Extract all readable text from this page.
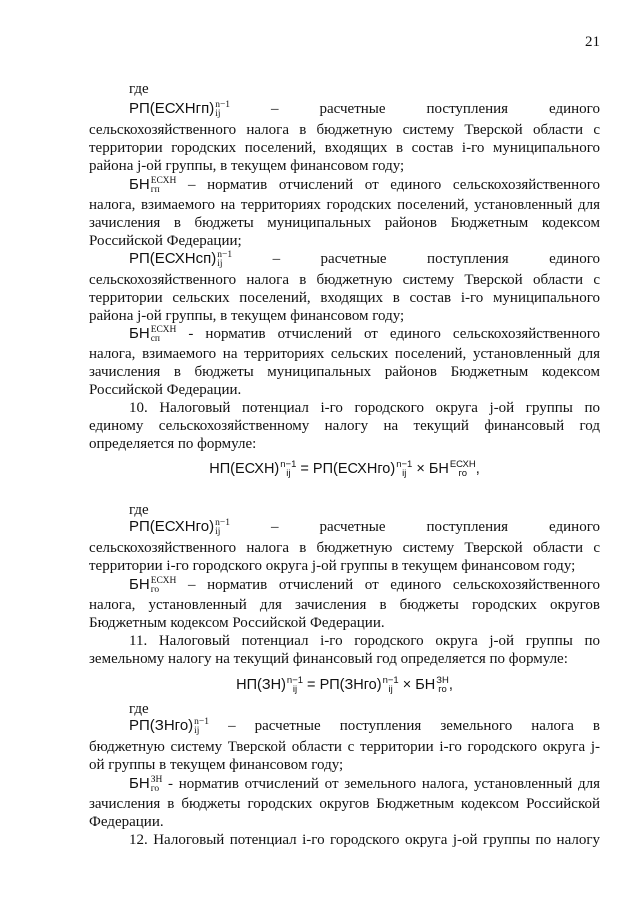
21
где
РП(ЕСХНгп) n−1
ij	–	расчетные	поступления	единого
сельскохозяйственного налога в бюджетную систему Тверской области с
территории городских поселений, входящих в состав i-го муниципального
района j-ой группы, в текущем финансовом году;
БН ЕСХН
гп	– норматив отчислений от единого сельскохозяйственного
налога, взимаемого на территориях городских поселений, установленный для
зачисления в бюджеты муниципальных районов Бюджетным кодексом
Российской Федерации;
РП(ЕСХНсп) n−1
ij	–	расчетные	поступления	единого
сельскохозяйственного налога в бюджетную систему Тверской области с
территории сельских поселений, входящих в состав i-го муниципального
района j-ой группы, в текущем финансовом году;
БН ЕСХН
сп	- норматив отчислений от единого сельскохозяйственного
налога, взимаемого на территориях сельских поселений, установленный для
зачисления в бюджеты муниципальных районов Бюджетным кодексом
Российской Федерации.
10. Налоговый потенциал i-го городского округа j-ой группы по
единому сельскохозяйственному налогу на текущий финансовый год
определяется по формуле:
НП(ЕСХН) n−1
ij = РП(ЕСХНго) n−1
ij × БН ЕСХН
го ,
где
РП(ЕСХНго) n−1
ij	–	расчетные	поступления	единого
сельскохозяйственного налога в бюджетную систему Тверской области с
территории i-го городского округа j-ой группы в текущем финансовом году;
БН ЕСХН
го	– норматив отчислений от единого сельскохозяйственного
налога, установленный для зачисления в бюджеты городских округов
Бюджетным кодексом Российской Федерации.
11. Налоговый потенциал i-го городского округа j-ой группы по
земельному налогу на текущий финансовый год определяется по формуле:
НП(ЗН) n−1
ij = РП(ЗНго) n−1
ij × БН ЗН
го ,
где
РП(ЗНго) n−1
ij	– расчетные поступления земельного налога в
бюджетную систему Тверской области с территории i-го городского округа j-
ой группы в текущем финансовом году;
БН ЗН
го - норматив отчислений от земельного налога, установленный для
зачисления в бюджеты городских округов Бюджетным кодексом Российской
Федерации.
12. Налоговый потенциал i-го городского округа j-ой группы по налогу
